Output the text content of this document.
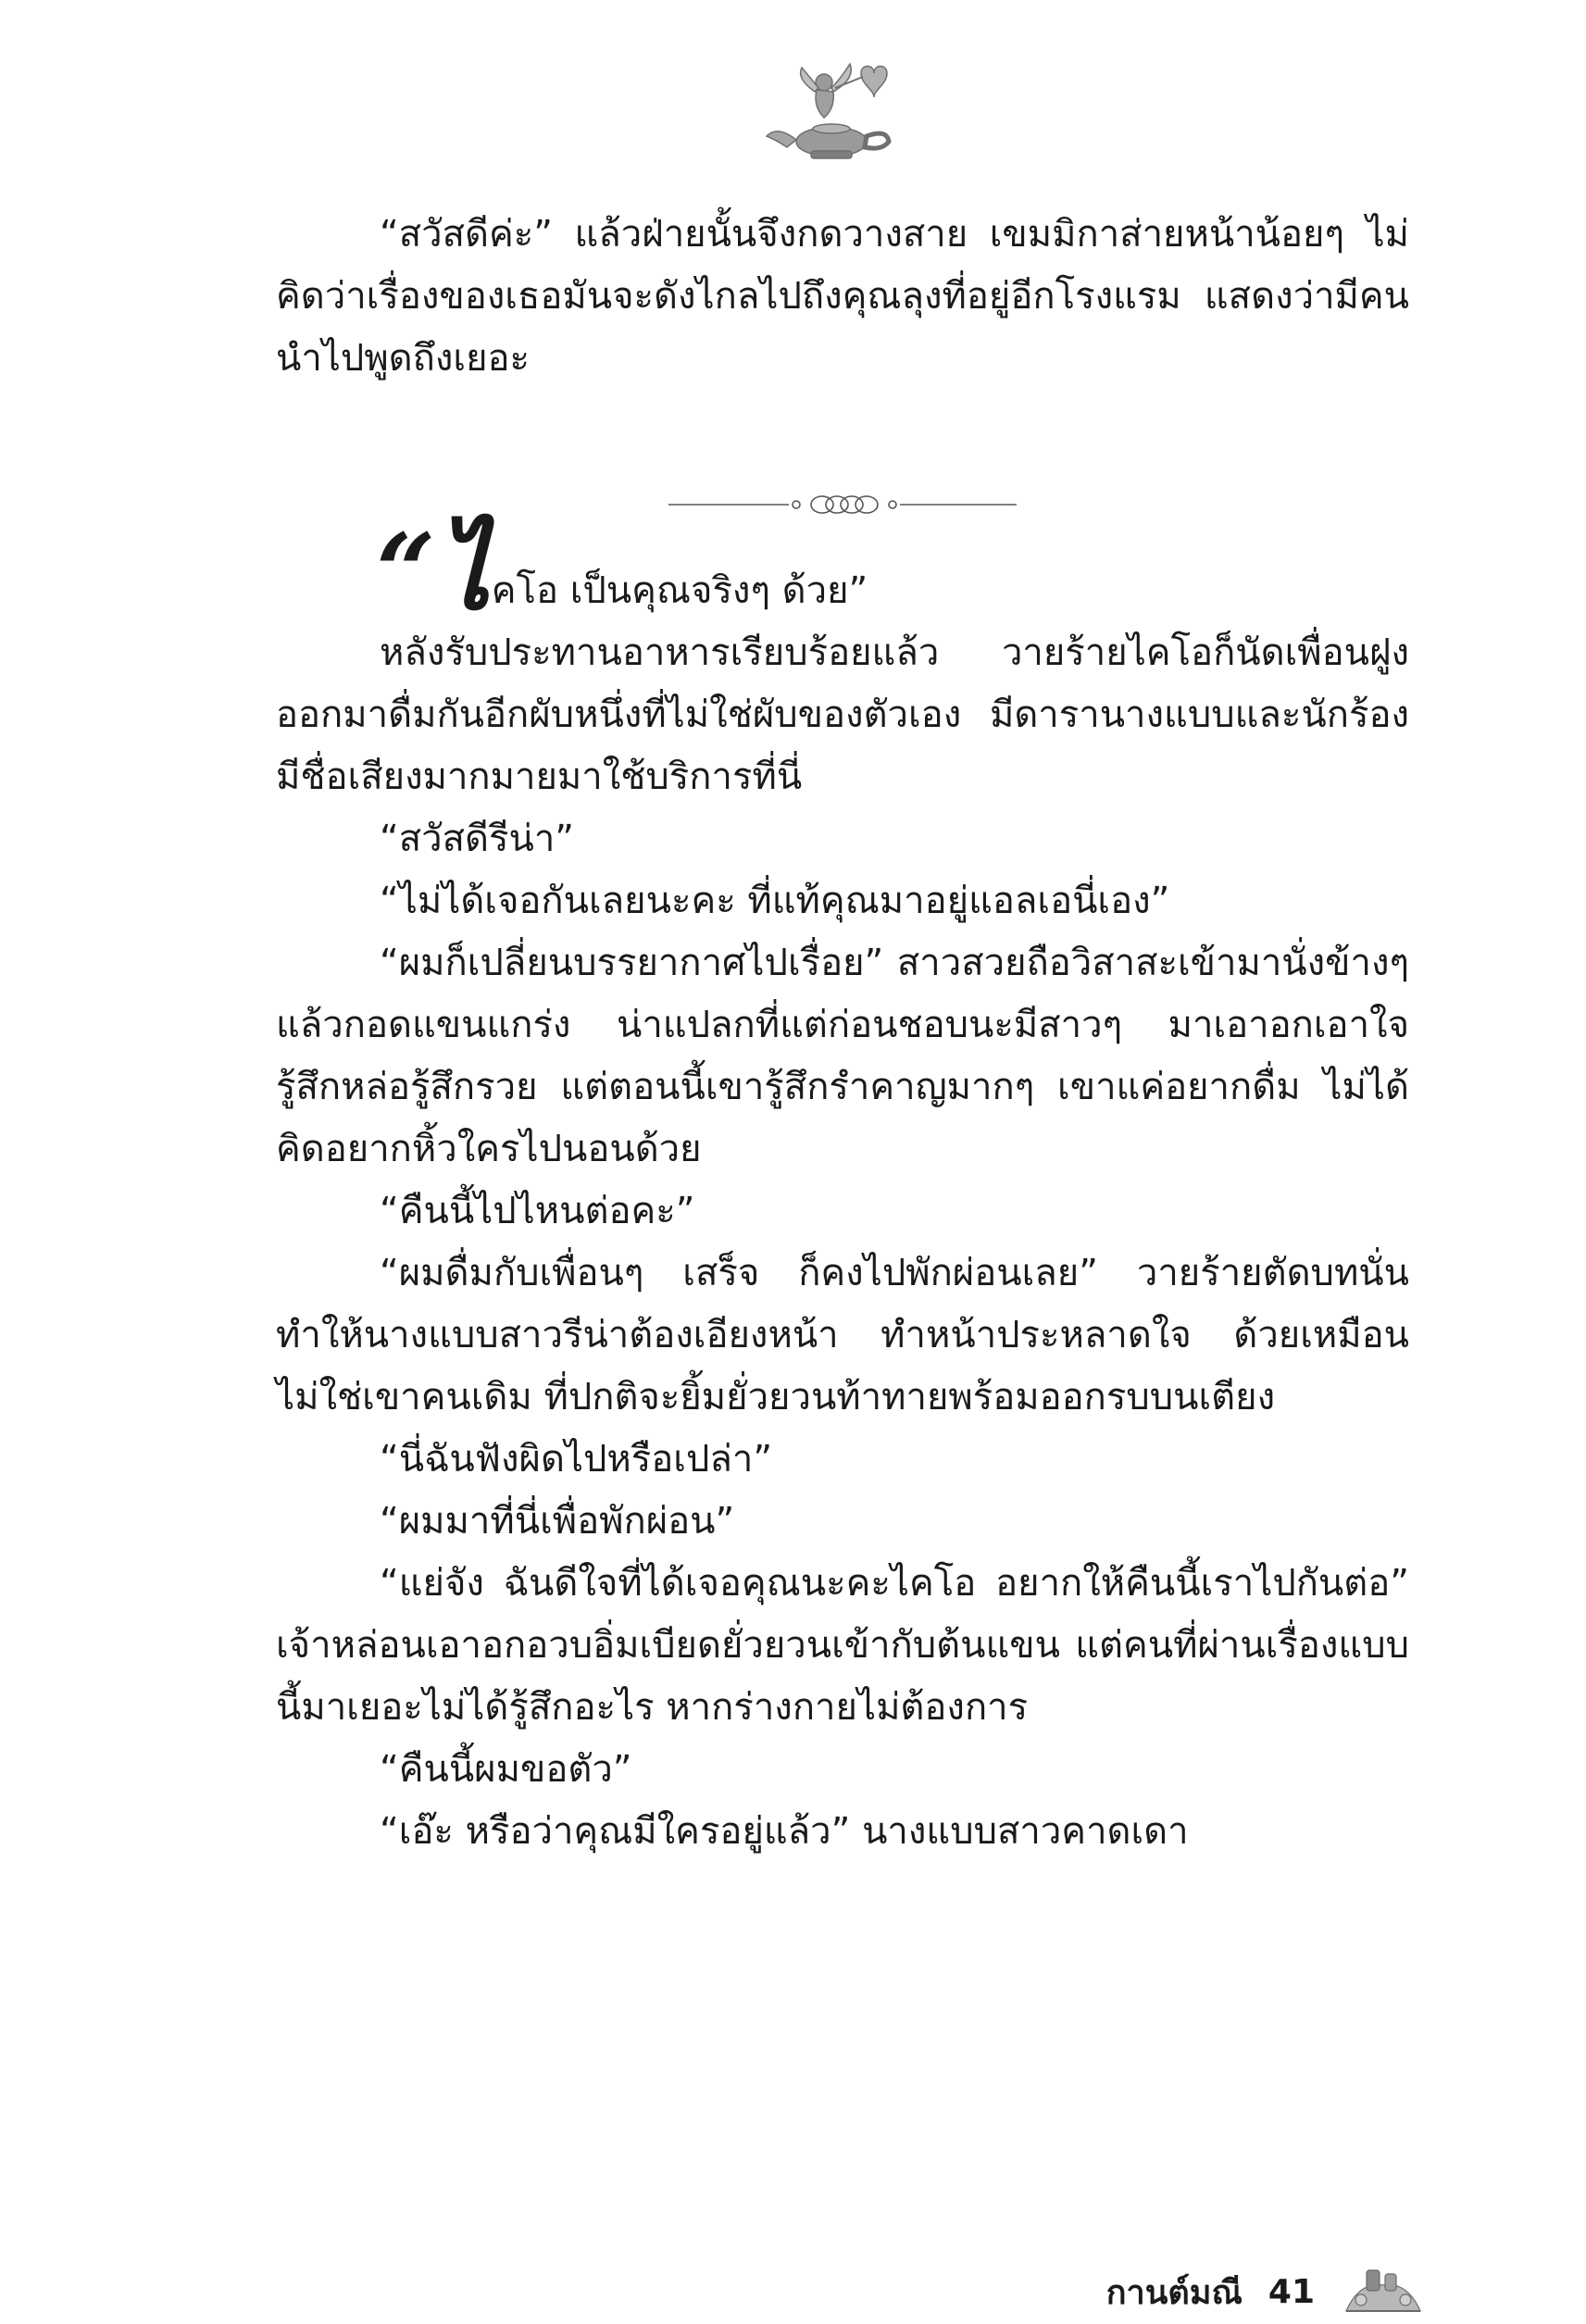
“สวัสดีค่ะ” แล้วฝ่ายนั้นจึงกดวางสาย เขมมิกาส่ายหน้าน้อยๆ ไม่คิดว่าเรื่องของเธอมันจะดังไกลไปถึงคุณลุงที่อยู่อีกโรงแรม แสดงว่ามีคนนำไปพูดถึงเยอะ

“ไคโอ เป็นคุณจริงๆ ด้วย”

หลังรับประทานอาหารเรียบร้อยแล้ว วายร้ายไคโอก็นัดเพื่อนฝูงออกมาดื่มกันอีกผับหนึ่งที่ไม่ใช่ผับของตัวเอง มีดารานางแบบและนักร้องมีชื่อเสียงมากมายมาใช้บริการที่นี่

“สวัสดีรีน่า”

“ไม่ได้เจอกันเลยนะคะ ที่แท้คุณมาอยู่แอลเอนี่เอง”

“ผมก็เปลี่ยนบรรยากาศไปเรื่อย” สาวสวยถือวิสาสะเข้ามานั่งข้างๆ แล้วกอดแขนแกร่ง น่าแปลกที่แต่ก่อนชอบนะมีสาวๆ มาเอาอกเอาใจ รู้สึกหล่อรู้สึกรวย แต่ตอนนี้เขารู้สึกรำคาญมากๆ เขาแค่อยากดื่ม ไม่ได้คิดอยากหิ้วใครไปนอนด้วย

“คืนนี้ไปไหนต่อคะ”

“ผมดื่มกับเพื่อนๆ เสร็จ ก็คงไปพักผ่อนเลย” วายร้ายตัดบทนั่นทำให้นางแบบสาวรีน่าต้องเอียงหน้า ทำหน้าประหลาดใจ ด้วยเหมือนไม่ใช่เขาคนเดิม ที่ปกติจะยิ้มยั่วยวนท้าทายพร้อมออกรบบนเตียง

“นี่ฉันฟังผิดไปหรือเปล่า”

“ผมมาที่นี่เพื่อพักผ่อน”

“แย่จัง ฉันดีใจที่ได้เจอคุณนะคะไคโอ อยากให้คืนนี้เราไปกันต่อ” เจ้าหล่อนเอาอกอวบอิ่มเบียดยั่วยวนเข้ากับต้นแขน แต่คนที่ผ่านเรื่องแบบนี้มาเยอะไม่ได้รู้สึกอะไร หากร่างกายไม่ต้องการ

“คืนนี้ผมขอตัว”

“เอ๊ะ หรือว่าคุณมีใครอยู่แล้ว” นางแบบสาวคาดเดา

กานต์มณี 41
